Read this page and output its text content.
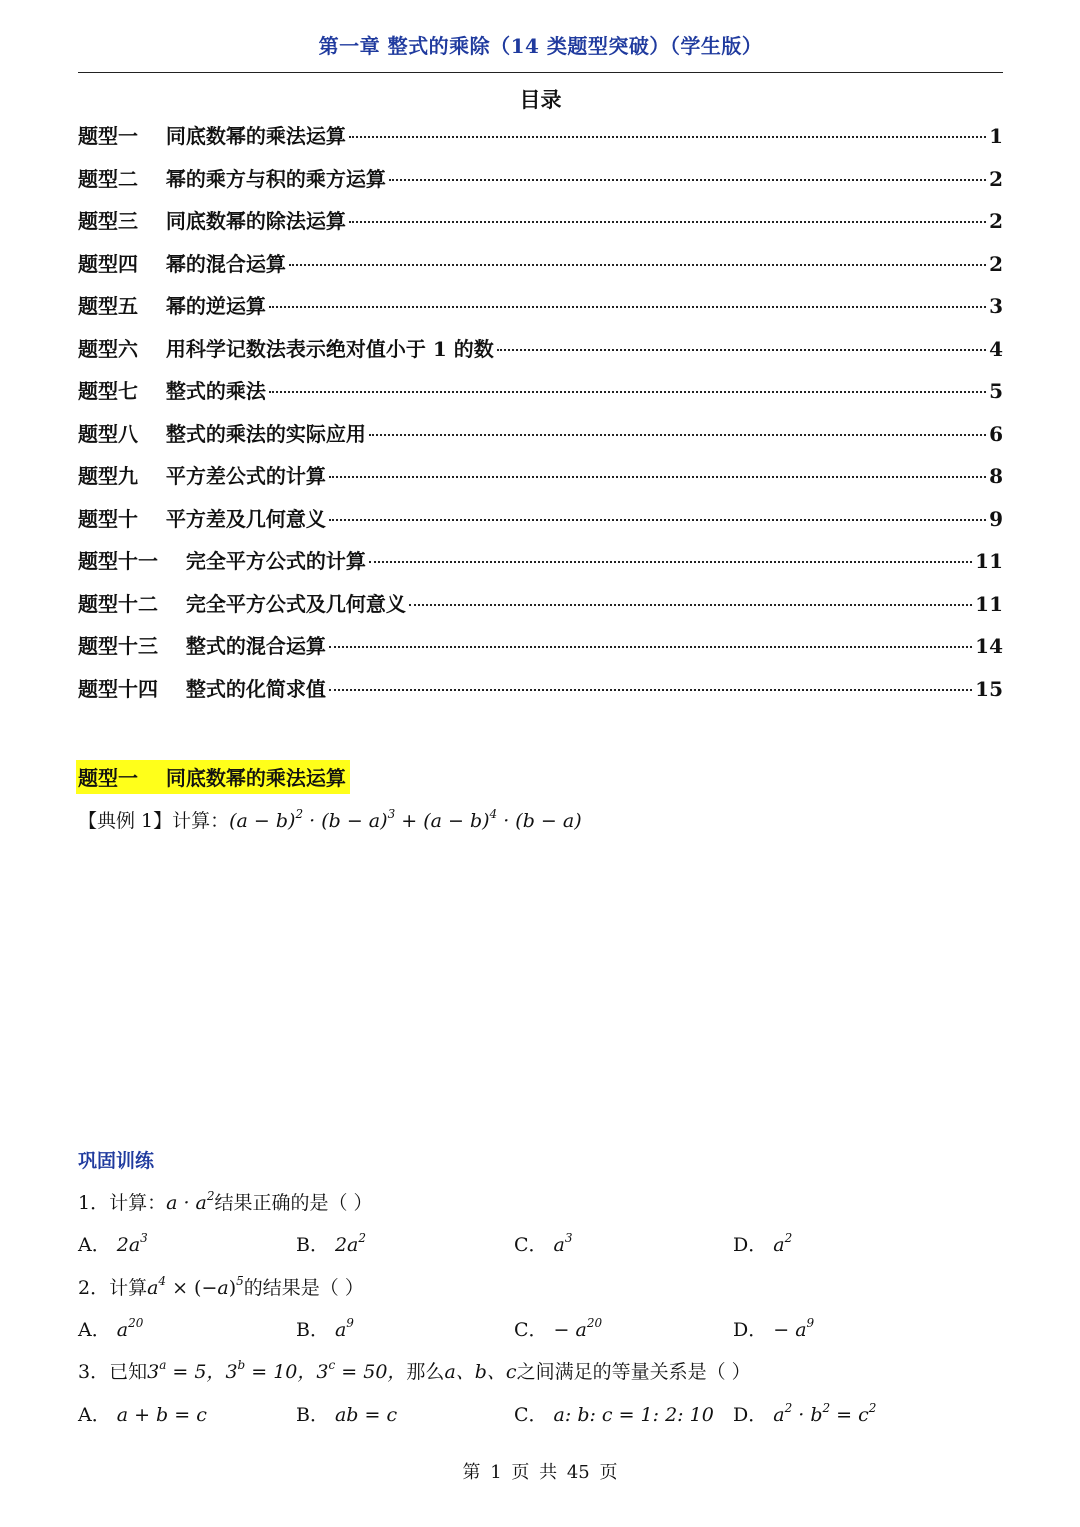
第一章 整式的乘除（14 类题型突破）（学生版）
目录
题型一    同底数幂的乘法运算	1
题型二    幂的乘方与积的乘方运算	2
题型三    同底数幂的除法运算	2
题型四    幂的混合运算	2
题型五    幂的逆运算	3
题型六    用科学记数法表示绝对值小于 1 的数	4
题型七    整式的乘法	5
题型八    整式的乘法的实际应用	6
题型九    平方差公式的计算	8
题型十    平方差及几何意义	9
题型十一    完全平方公式的计算	11
题型十二    完全平方公式及几何意义	11
题型十三    整式的混合运算	14
题型十四    整式的化简求值	15
题型一    同底数幂的乘法运算
【典例 1】计算：$(a - b)^2 \cdot (b - a)^3 + (a - b)^4 \cdot (b - a)$
巩固训练
1．计算：$a \cdot a^2$结果正确的是（ ）
A． $2a^3$	B． $2a^2$	C． $a^3$	D． $a^2$
2．计算$a^4 \times (-a)^5$的结果是（ ）
A． $a^{20}$	B． $a^9$	C． − $a^{20}$	D． − $a^9$
3．已知$3^a = 5$，$3^b = 10$，$3^c = 50$，那么a、b、c之间满足的等量关系是（ ）
A． a + b = c	B． ab = c	C． a: b: c = 1: 2: 10 D． $a^2 \cdot b^2 = c^2$
第 1 页 共 45 页
